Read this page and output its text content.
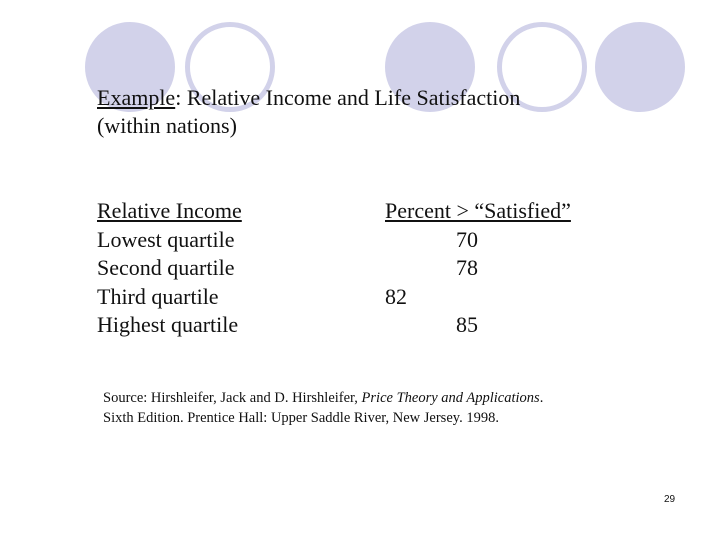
Example: Relative Income and Life Satisfaction
(within nations)
Relative Income
Lowest quartile
Second quartile
Third quartile
Highest quartile
Percent > “Satisfied”
70
78
82
85
Source: Hirshleifer, Jack and D. Hirshleifer, Price Theory and Applications.
Sixth Edition. Prentice Hall: Upper Saddle River, New Jersey. 1998.
29
